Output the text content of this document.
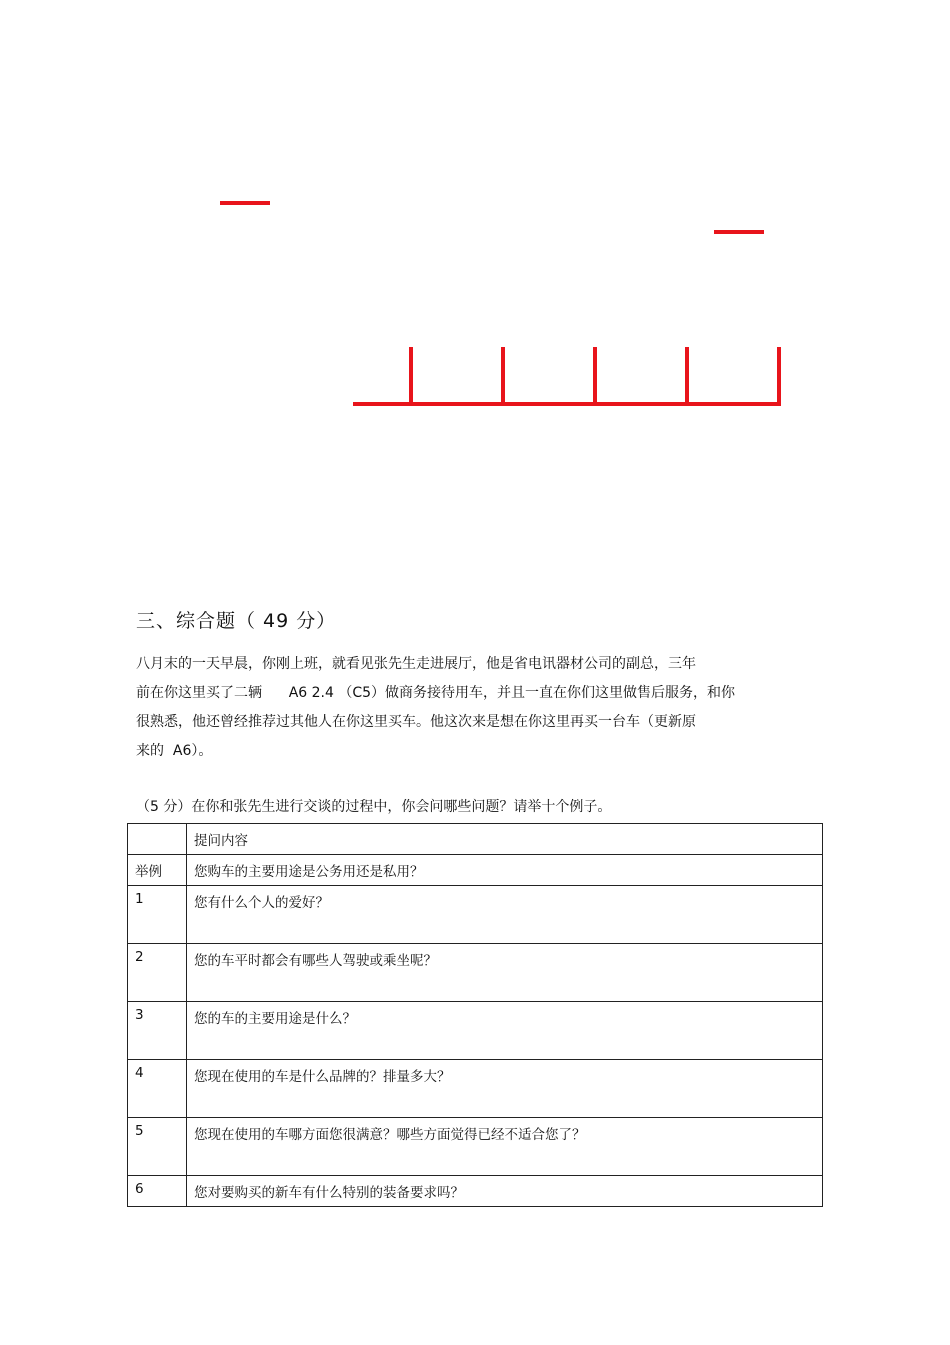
三、综合题（ 49 分）
八月末的一天早晨，你刚上班，就看见张先生走进展厅，他是省电讯器材公司的副总，三年
前在你这里买了二辆      A6 2.4 （C5）做商务接待用车，并且一直在你们这里做售后服务，和你
很熟悉，他还曾经推荐过其他人在你这里买车。他这次来是想在你这里再买一台车（更新原
来的  A6）。
（5 分）在你和张先生进行交谈的过程中，你会问哪些问题？请举十个例子。
	提问内容
举例	您购车的主要用途是公务用还是私用？
1	您有什么个人的爱好？
2	您的车平时都会有哪些人驾驶或乘坐呢？
3	您的车的主要用途是什么？
4	您现在使用的车是什么品牌的？排量多大？
5	您现在使用的车哪方面您很满意？哪些方面觉得已经不适合您了？
6	您对要购买的新车有什么特别的装备要求吗？
